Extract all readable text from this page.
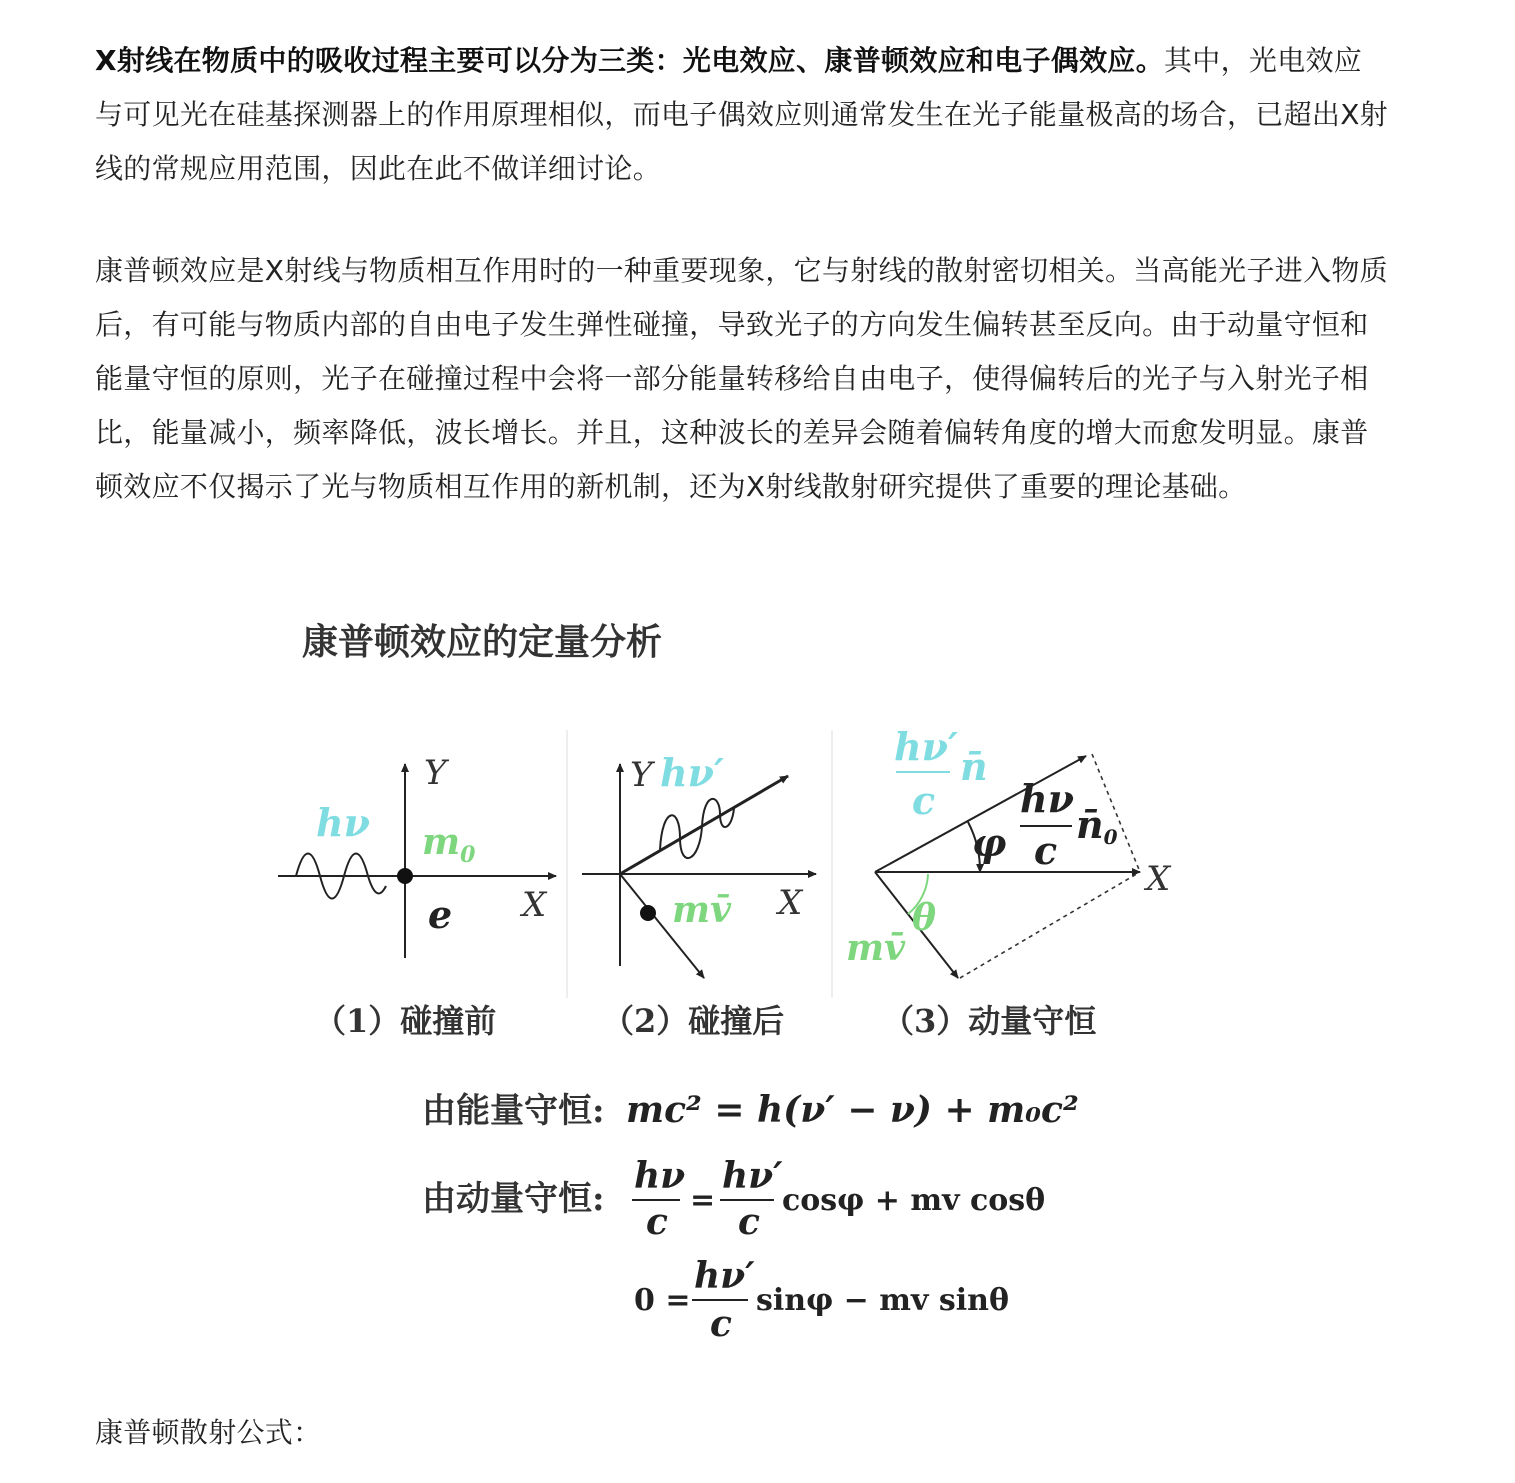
X射线在物质中的吸收过程主要可以分为三类：光电效应、康普顿效应和电子偶效应。其中，光电效应与可见光在硅基探测器上的作用原理相似，而电子偶效应则通常发生在光子能量极高的场合，已超出X射线的常规应用范围，因此在此不做详细讨论。

康普顿效应是X射线与物质相互作用时的一种重要现象，它与射线的散射密切相关。当高能光子进入物质后，有可能与物质内部的自由电子发生弹性碰撞，导致光子的方向发生偏转甚至反向。由于动量守恒和能量守恒的原则，光子在碰撞过程中会将一部分能量转移给自由电子，使得偏转后的光子与入射光子相比，能量减小，频率降低，波长增长。并且，这种波长的差异会随着偏转角度的增大而愈发明显。康普顿效应不仅揭示了光与物质相互作用的新机制，还为X射线散射研究提供了重要的理论基础。

康普顿效应的定量分析
Y
X
hν $m_0$
e
（1）碰撞前
Y hν′
mv̄ X
（2）碰撞后
hν′
c
n̄
hν
c
n̄0
φ
θ
mv̄
X
（3）动量守恒
由能量守恒: mc² = h(ν′ − ν) + m₀c²
由动量守恒:
hν
c
=
hν′
c
cosφ + mv cosθ
0 =
hν′
c
sinφ − mv sinθ

康普顿散射公式：
